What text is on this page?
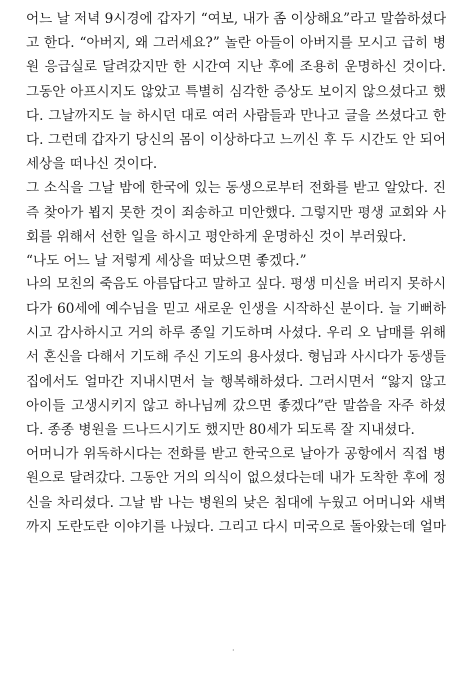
어느 날 저녁 9시경에 갑자기 “여보, 내가 좀 이상해요”라고 말씀하셨다
고 한다. “아버지, 왜 그러세요?” 놀란 아들이 아버지를 모시고 급히 병
원 응급실로 달려갔지만 한 시간여 지난 후에 조용히 운명하신 것이다.
그동안 아프시지도 않았고 특별히 심각한 증상도 보이지 않으셨다고 했
다. 그날까지도 늘 하시던 대로 여러 사람들과 만나고 글을 쓰셨다고 한
다. 그런데 갑자기 당신의 몸이 이상하다고 느끼신 후 두 시간도 안 되어
세상을 떠나신 것이다.
그 소식을 그날 밤에 한국에 있는 동생으로부터 전화를 받고 알았다. 진
즉 찾아가 뵙지 못한 것이 죄송하고 미안했다. 그렇지만 평생 교회와 사
회를 위해서 선한 일을 하시고 평안하게 운명하신 것이 부러웠다.
“나도 어느 날 저렇게 세상을 떠났으면 좋겠다.”
나의 모친의 죽음도 아름답다고 말하고 싶다. 평생 미신을 버리지 못하시
다가 60세에 예수님을 믿고 새로운 인생을 시작하신 분이다. 늘 기뻐하
시고 감사하시고 거의 하루 종일 기도하며 사셨다. 우리 오 남매를 위해
서 혼신을 다해서 기도해 주신 기도의 용사셨다. 형님과 사시다가 동생들
집에서도 얼마간 지내시면서 늘 행복해하셨다. 그러시면서 “앓지 않고
아이들 고생시키지 않고 하나님께 갔으면 좋겠다”란 말씀을 자주 하셨
다. 종종 병원을 드나드시기도 했지만 80세가 되도록 잘 지내셨다.
어머니가 위독하시다는 전화를 받고 한국으로 날아가 공항에서 직접 병
원으로 달려갔다. 그동안 거의 의식이 없으셨다는데 내가 도착한 후에 정
신을 차리셨다. 그날 밤 나는 병원의 낮은 침대에 누웠고 어머니와 새벽
까지 도란도란 이야기를 나눴다. 그리고 다시 미국으로 돌아왔는데 얼마
·
